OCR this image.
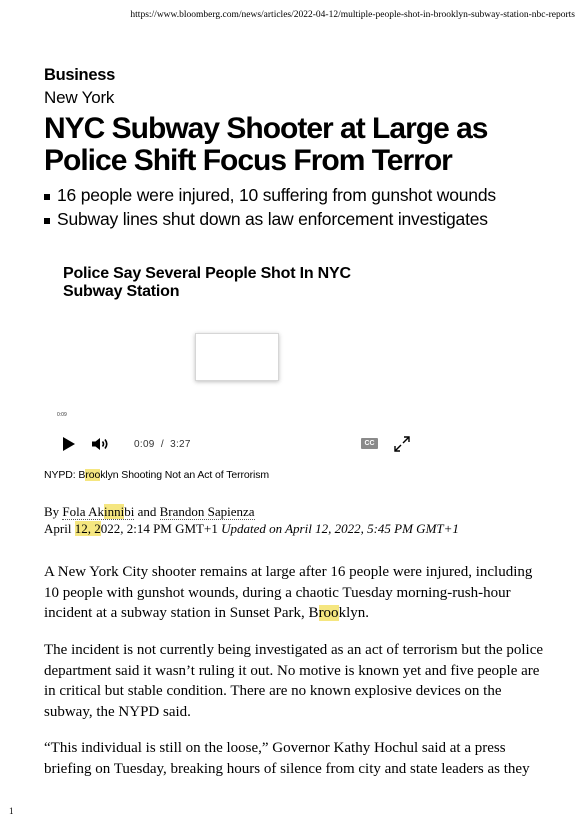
https://www.bloomberg.com/news/articles/2022-04-12/multiple-people-shot-in-brooklyn-subway-station-nbc-reports
Business
New York
NYC Subway Shooter at Large as Police Shift Focus From Terror
16 people were injured, 10 suffering from gunshot wounds
Subway lines shut down as law enforcement investigates
Police Say Several People Shot In NYC Subway Station
0:09
0:09 / 3:27	CC
NYPD: Brooklyn Shooting Not an Act of Terrorism
By Fola Akinnibi and Brandon Sapienza
April 12, 2022, 2:14 PM GMT+1 Updated on April 12, 2022, 5:45 PM GMT+1

A New York City shooter remains at large after 16 people were injured, including 10 people with gunshot wounds, during a chaotic Tuesday morning-rush-hour incident at a subway station in Sunset Park, Brooklyn.

The incident is not currently being investigated as an act of terrorism but the police department said it wasn’t ruling it out. No motive is known yet and five people are in critical but stable condition. There are no known explosive devices on the subway, the NYPD said.

“This individual is still on the loose,” Governor Kathy Hochul said at a press briefing on Tuesday, breaking hours of silence from city and state leaders as they

1
